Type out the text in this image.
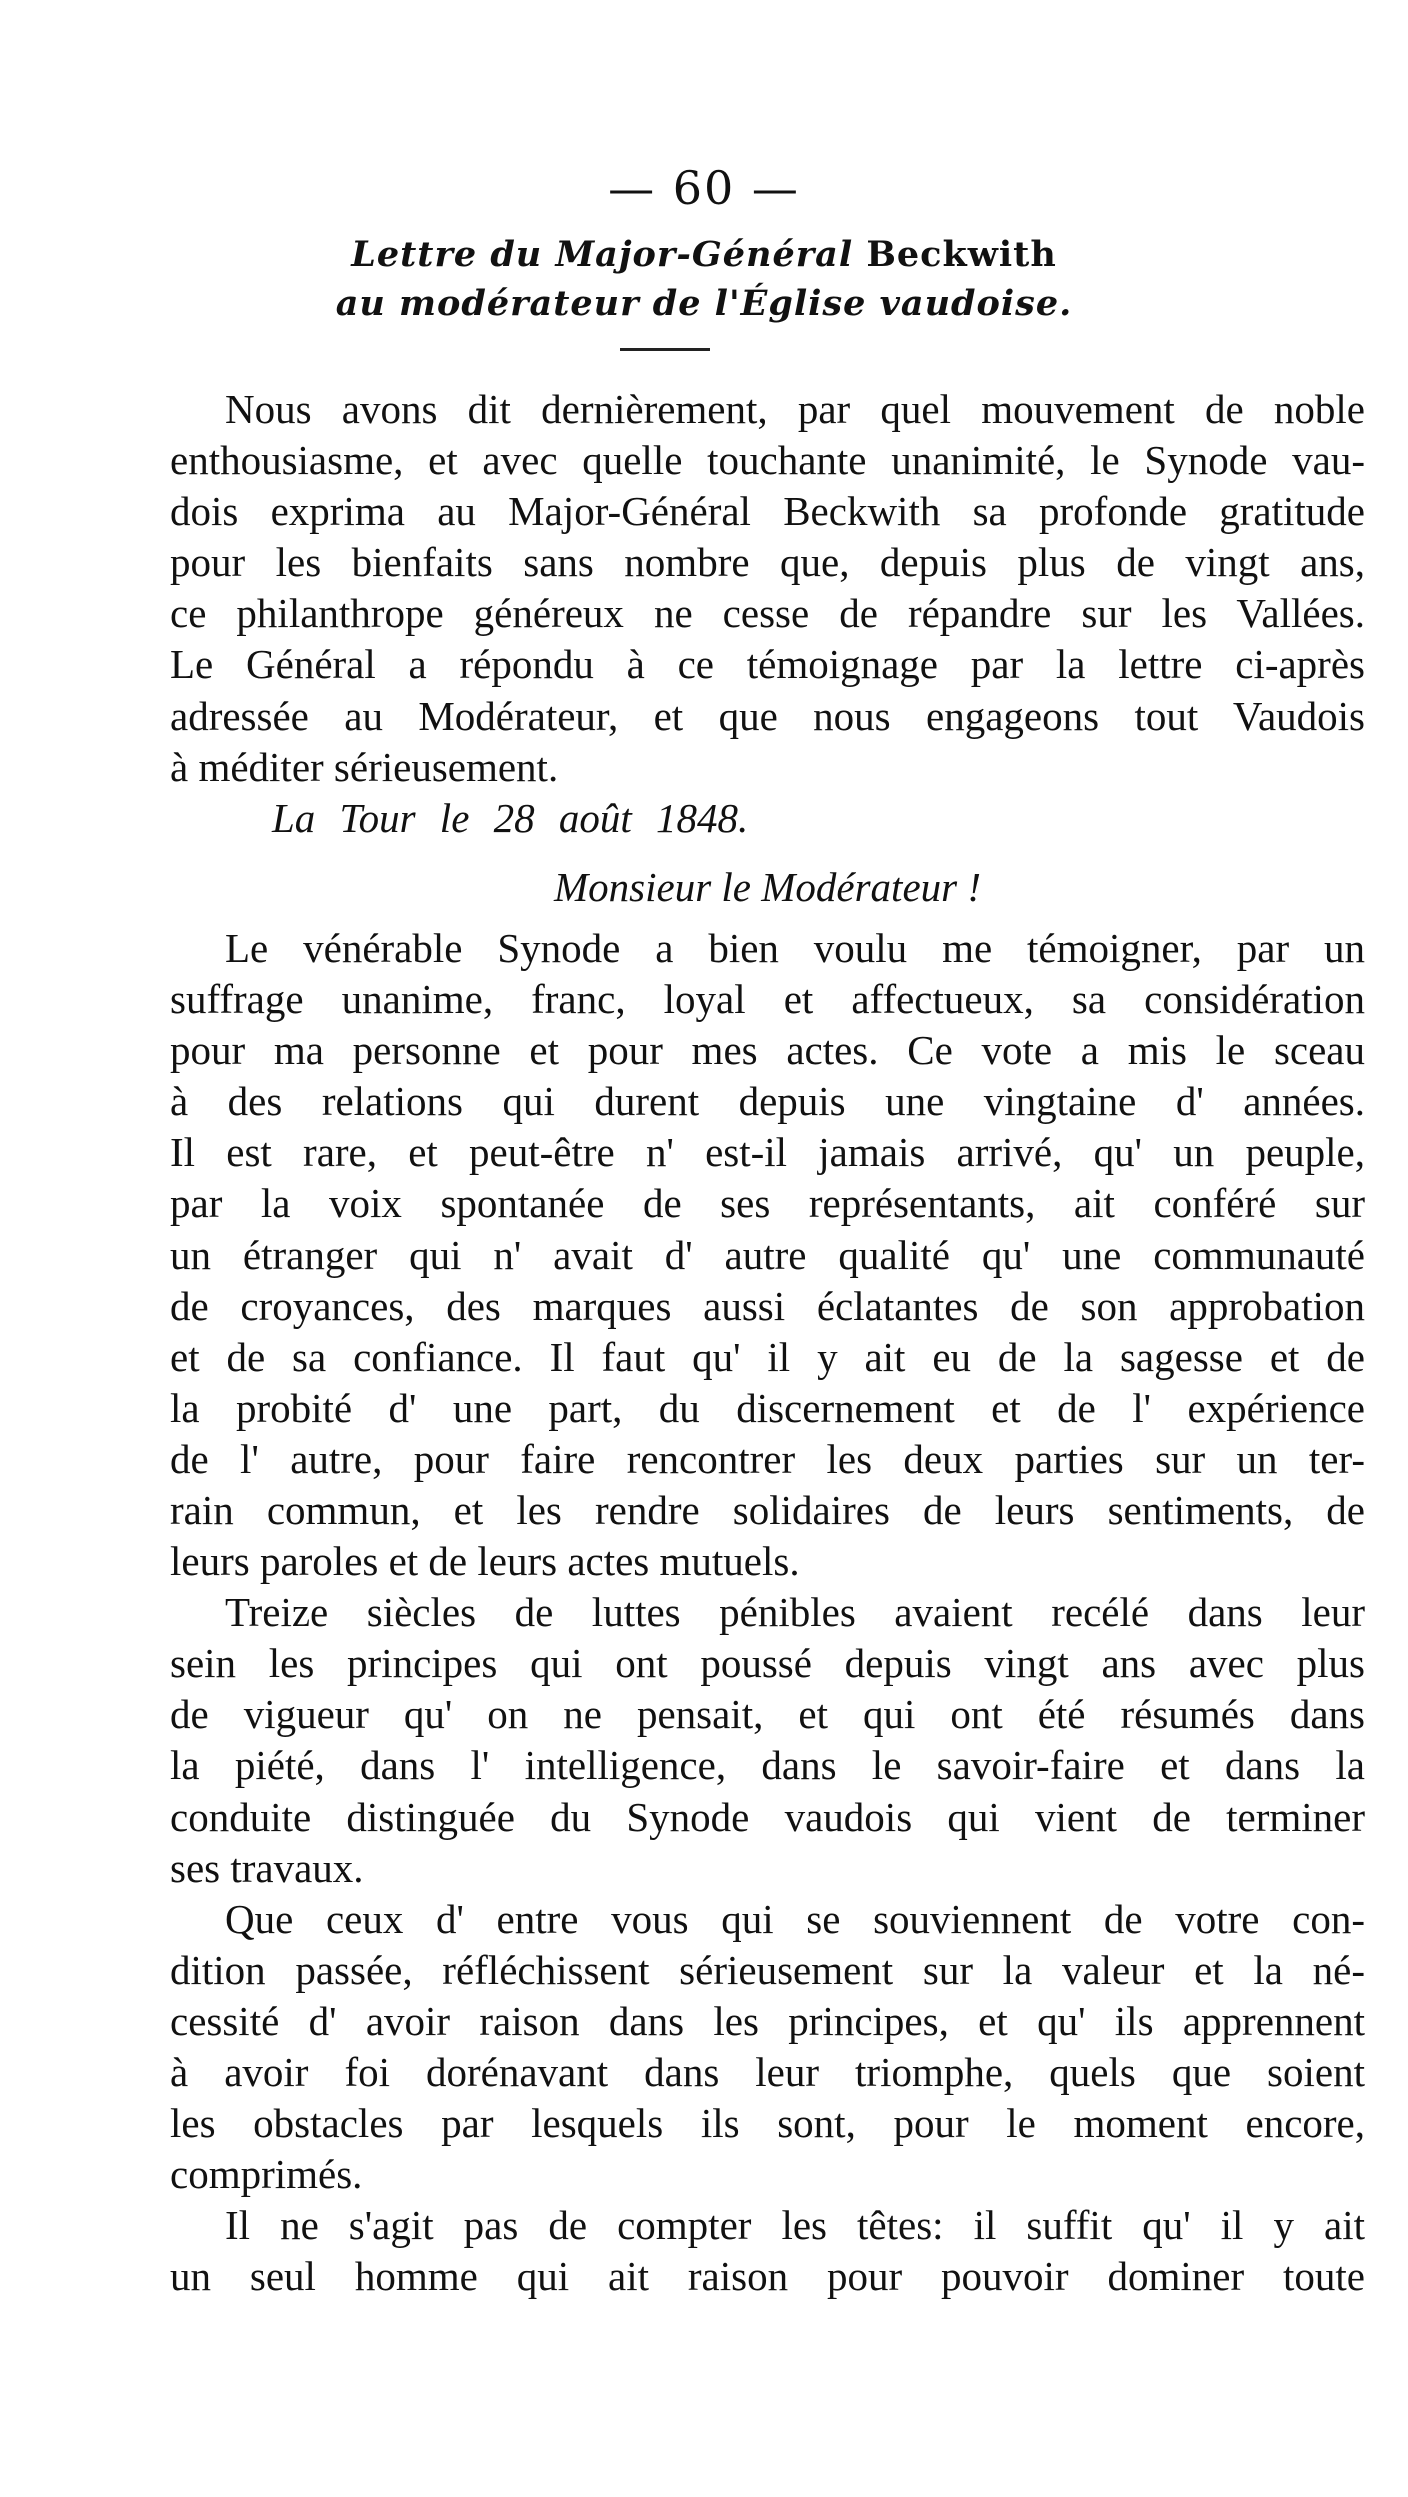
— 60 —
Lettre du Major-Général Beckwith
au modérateur de l'Église vaudoise.
Nous avons dit dernièrement, par quel mouvement de noble
enthousiasme, et avec quelle touchante unanimité, le Synode vau-
dois exprima au Major-Général Beckwith sa profonde gratitude
pour les bienfaits sans nombre que, depuis plus de vingt ans,
ce philanthrope généreux ne cesse de répandre sur les Vallées.
Le Général a répondu à ce témoignage par la lettre ci-après
adressée au Modérateur, et que nous engageons tout Vaudois
à méditer sérieusement.
La Tour le 28 août 1848.
Monsieur le Modérateur !
Le vénérable Synode a bien voulu me témoigner, par un
suffrage unanime, franc, loyal et affectueux, sa considération
pour ma personne et pour mes actes. Ce vote a mis le sceau
à des relations qui durent depuis une vingtaine d' années.
Il est rare, et peut-être n' est-il jamais arrivé, qu' un peuple,
par la voix spontanée de ses représentants, ait conféré sur
un étranger qui n' avait d' autre qualité qu' une communauté
de croyances, des marques aussi éclatantes de son approbation
et de sa confiance. Il faut qu' il y ait eu de la sagesse et de
la probité d' une part, du discernement et de l' expérience
de l' autre, pour faire rencontrer les deux parties sur un ter-
rain commun, et les rendre solidaires de leurs sentiments, de
leurs paroles et de leurs actes mutuels.
Treize siècles de luttes pénibles avaient recélé dans leur
sein les principes qui ont poussé depuis vingt ans avec plus
de vigueur qu' on ne pensait, et qui ont été résumés dans
la piété, dans l' intelligence, dans le savoir-faire et dans la
conduite distinguée du Synode vaudois qui vient de terminer
ses travaux.
Que ceux d' entre vous qui se souviennent de votre con-
dition passée, réfléchissent sérieusement sur la valeur et la né-
cessité d' avoir raison dans les principes, et qu' ils apprennent
à avoir foi dorénavant dans leur triomphe, quels que soient
les obstacles par lesquels ils sont, pour le moment encore,
comprimés.
Il ne s'agit pas de compter les têtes: il suffit qu' il y ait
un seul homme qui ait raison pour pouvoir dominer toute
